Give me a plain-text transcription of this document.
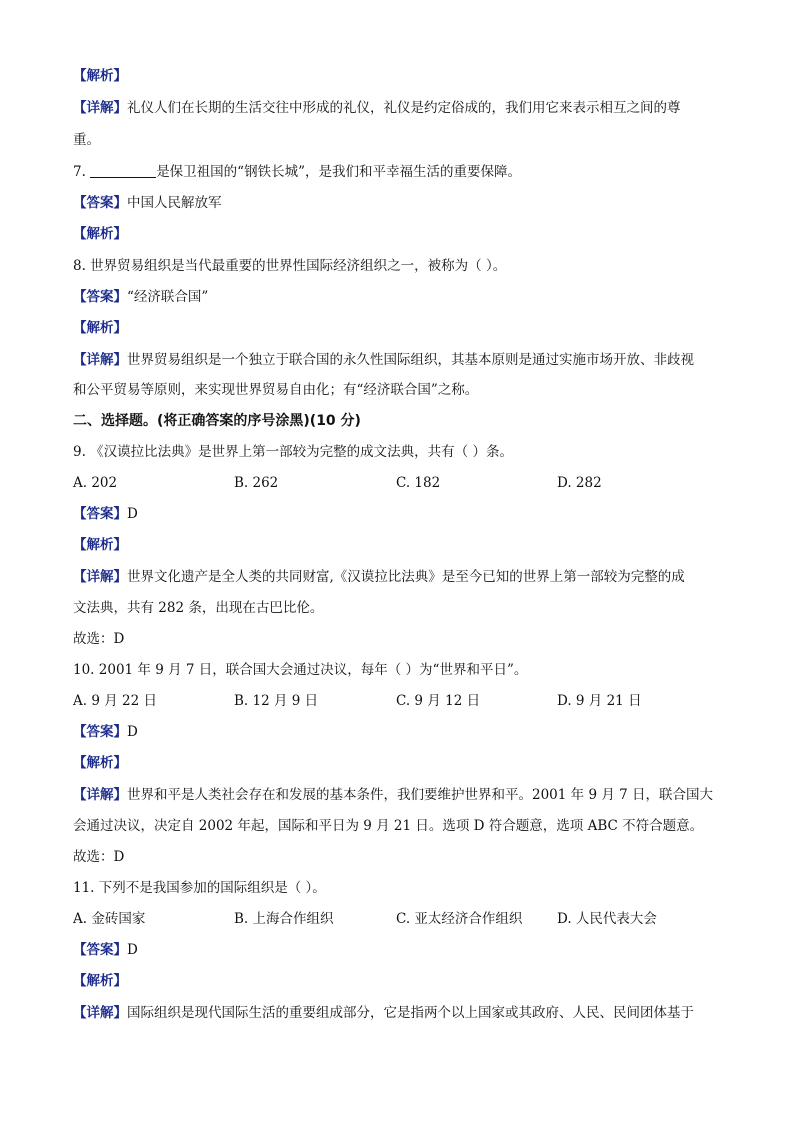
【解析】
【详解】礼仪人们在长期的生活交往中形成的礼仪，礼仪是约定俗成的，我们用它来表示相互之间的尊
重。
7.	是保卫祖国的“钢铁长城”，是我们和平幸福生活的重要保障。
【答案】中国人民解放军
【解析】
8. 世界贸易组织是当代最重要的世界性国际经济组织之一，被称为（ ）。
【答案】“经济联合国”
【解析】
【详解】世界贸易组织是一个独立于联合国的永久性国际组织，其基本原则是通过实施市场开放、非歧视
和公平贸易等原则，来实现世界贸易自由化；有“经济联合国”之称。
二、选择题。(将正确答案的序号涂黑)(10 分)
9. 《汉谟拉比法典》是世界上第一部较为完整的成文法典，共有（ ）条。
A. 202	B. 262	C. 182	D. 282
【答案】D
【解析】
【详解】世界文化遗产是全人类的共同财富,《汉谟拉比法典》是至今已知的世界上第一部较为完整的成
文法典，共有 282 条，出现在古巴比伦。
故选：D
10. 2001 年 9 月 7 日，联合国大会通过决议，每年（ ）为“世界和平日”。
A. 9 月 22 日	B. 12 月 9 日	C. 9 月 12 日	D. 9 月 21 日
【答案】D
【解析】
【详解】世界和平是人类社会存在和发展的基本条件，我们要维护世界和平。2001 年 9 月 7 日，联合国大
会通过决议，决定自 2002 年起，国际和平日为 9 月 21 日。选项 D 符合题意，选项 ABC 不符合题意。
故选：D
11. 下列不是我国参加的国际组织是（ ）。
A. 金砖国家	B. 上海合作组织	C. 亚太经济合作组织	D. 人民代表大会
【答案】D
【解析】
【详解】国际组织是现代国际生活的重要组成部分，它是指两个以上国家或其政府、人民、民间团体基于
